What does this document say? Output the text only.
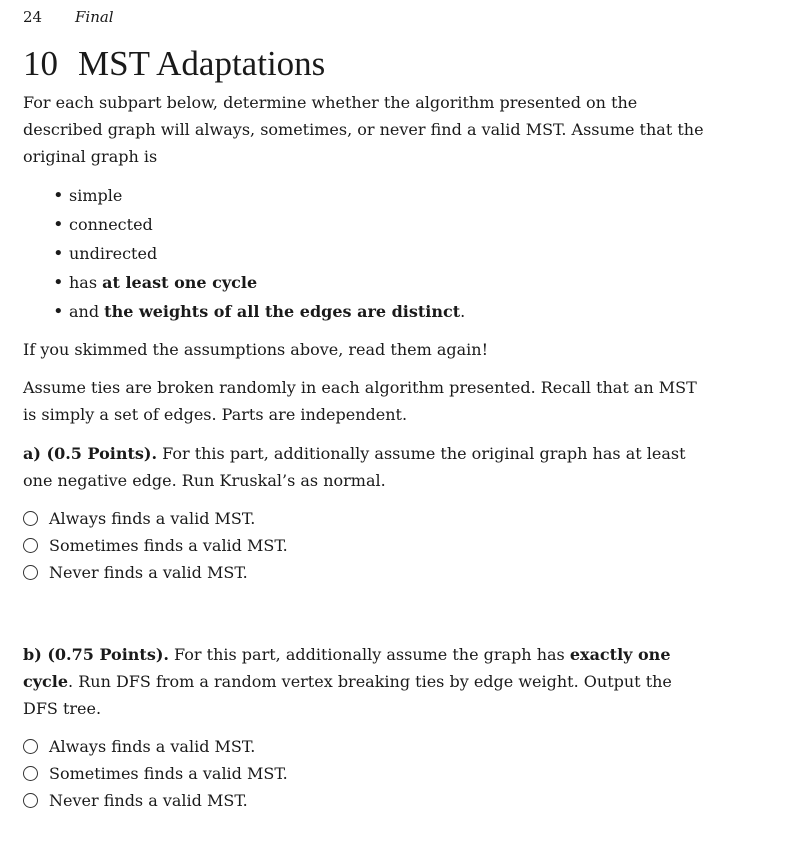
24 Final
10 MST Adaptations

For each subpart below, determine whether the algorithm presented on the described graph will always, sometimes, or never find a valid MST. Assume that the original graph is

• simple
• connected
• undirected
• has at least one cycle
• and the weights of all the edges are distinct.

If you skimmed the assumptions above, read them again!

Assume ties are broken randomly in each algorithm presented. Recall that an MST is simply a set of edges. Parts are independent.

a) (0.5 Points). For this part, additionally assume the original graph has at least one negative edge. Run Kruskal’s as normal.

Always finds a valid MST.
Sometimes finds a valid MST.
Never finds a valid MST.

b) (0.75 Points). For this part, additionally assume the graph has exactly one cycle. Run DFS from a random vertex breaking ties by edge weight. Output the DFS tree.

Always finds a valid MST.
Sometimes finds a valid MST.
Never finds a valid MST.
